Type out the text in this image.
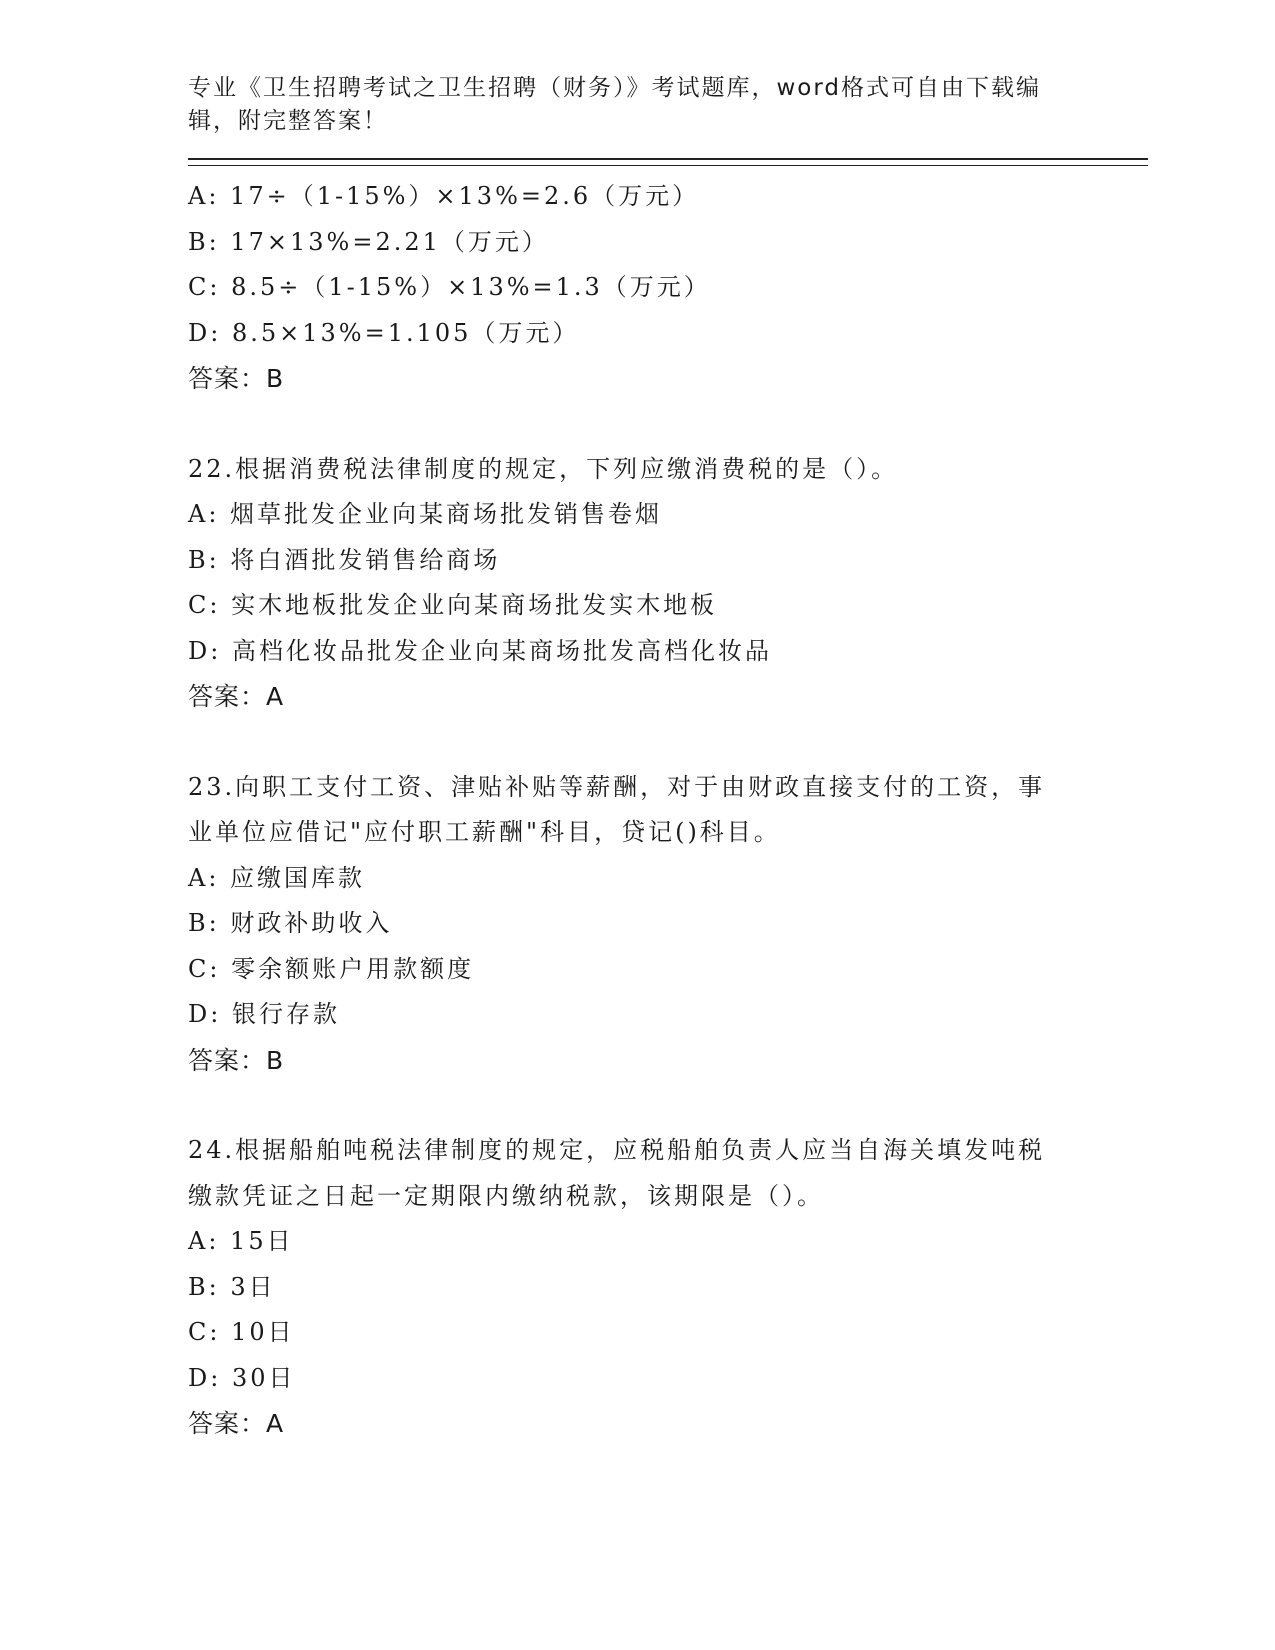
专业《卫生招聘考试之卫生招聘（财务）》考试题库，word格式可自由下载编辑，附完整答案！
A: 17÷（1-15%）×13%=2.6（万元）
B: 17×13%=2.21（万元）
C: 8.5÷（1-15%）×13%=1.3（万元）
D: 8.5×13%=1.105（万元）
答案：B
22.根据消费税法律制度的规定，下列应缴消费税的是（）。
A: 烟草批发企业向某商场批发销售卷烟
B: 将白酒批发销售给商场
C: 实木地板批发企业向某商场批发实木地板
D: 高档化妆品批发企业向某商场批发高档化妆品
答案：A
23.向职工支付工资、津贴补贴等薪酬，对于由财政直接支付的工资，事业单位应借记"应付职工薪酬"科目，贷记()科目。
A: 应缴国库款
B: 财政补助收入
C: 零余额账户用款额度
D: 银行存款
答案：B
24.根据船舶吨税法律制度的规定，应税船舶负责人应当自海关填发吨税缴款凭证之日起一定期限内缴纳税款，该期限是（）。
A: 15日
B: 3日
C: 10日
D: 30日
答案：A
